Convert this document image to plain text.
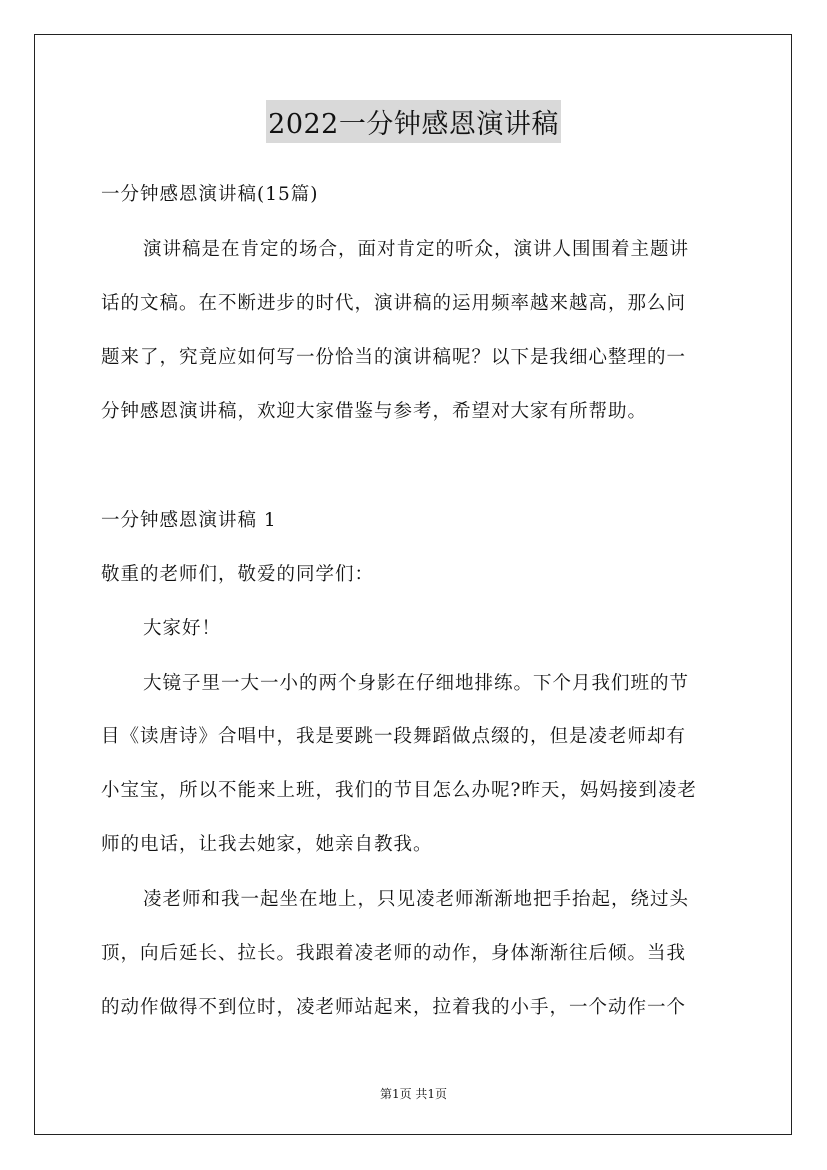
2022一分钟感恩演讲稿
一分钟感恩演讲稿(15篇)
演讲稿是在肯定的场合，面对肯定的听众，演讲人围围着主题讲
话的文稿。在不断进步的时代，演讲稿的运用频率越来越高，那么问
题来了，究竟应如何写一份恰当的演讲稿呢？以下是我细心整理的一
分钟感恩演讲稿，欢迎大家借鉴与参考，希望对大家有所帮助。
一分钟感恩演讲稿 1
敬重的老师们，敬爱的同学们：
大家好！
大镜子里一大一小的两个身影在仔细地排练。下个月我们班的节
目《读唐诗》合唱中，我是要跳一段舞蹈做点缀的，但是凌老师却有
小宝宝，所以不能来上班，我们的节目怎么办呢?昨天，妈妈接到凌老
师的电话，让我去她家，她亲自教我。
凌老师和我一起坐在地上，只见凌老师渐渐地把手抬起，绕过头
顶，向后延长、拉长。我跟着凌老师的动作，身体渐渐往后倾。当我
的动作做得不到位时，凌老师站起来，拉着我的小手，一个动作一个
第1页 共1页
